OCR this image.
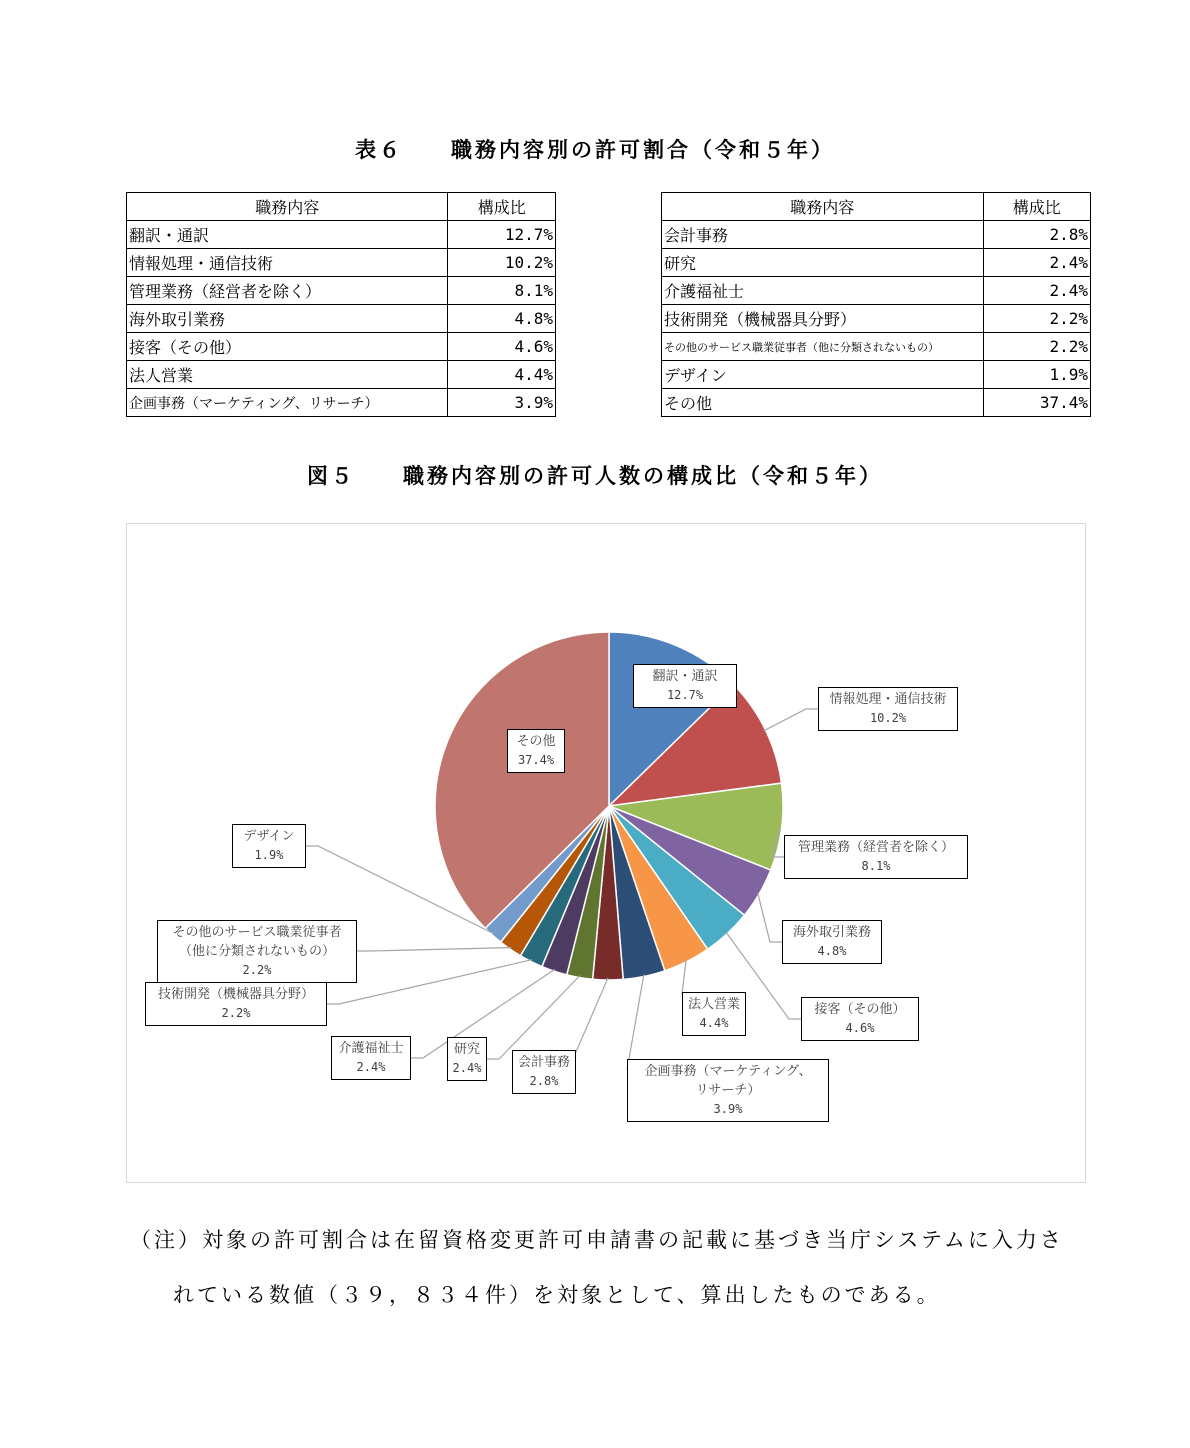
表６　　職務内容別の許可割合（令和５年）
職務内容	構成比
翻訳・通訳	12.7%
情報処理・通信技術	10.2%
管理業務（経営者を除く）	8.1%
海外取引業務	4.8%
接客（その他）	4.6%
法人営業	4.4%
企画事務（マーケティング、リサーチ）	3.9%
職務内容	構成比
会計事務	2.8%
研究	2.4%
介護福祉士	2.4%
技術開発（機械器具分野）	2.2%
その他のサービス職業従事者（他に分類されないもの）	2.2%
デザイン	1.9%
その他	37.4%
図５　　職務内容別の許可人数の構成比（令和５年）
翻訳・通訳
12.7%	情報処理・通信技術
10.2%
管理業務（経営者を除く）
8.1%
海外取引業務
4.8%
接客（その他）
4.6%
法人営業
4.4%
企画事務（マーケティング、
リサーチ）
3.9%
会計事務
2.8%
研究
2.4%
介護福祉士
2.4%
技術開発（機械器具分野）
2.2%
その他のサービス職業従事者
（他に分類されないもの）
2.2%
デザイン
1.9%
その他
37.4%
（注）対象の許可割合は在留資格変更許可申請書の記載に基づき当庁システムに入力さ
れている数値（３９，８３４件）を対象として、算出したものである。
